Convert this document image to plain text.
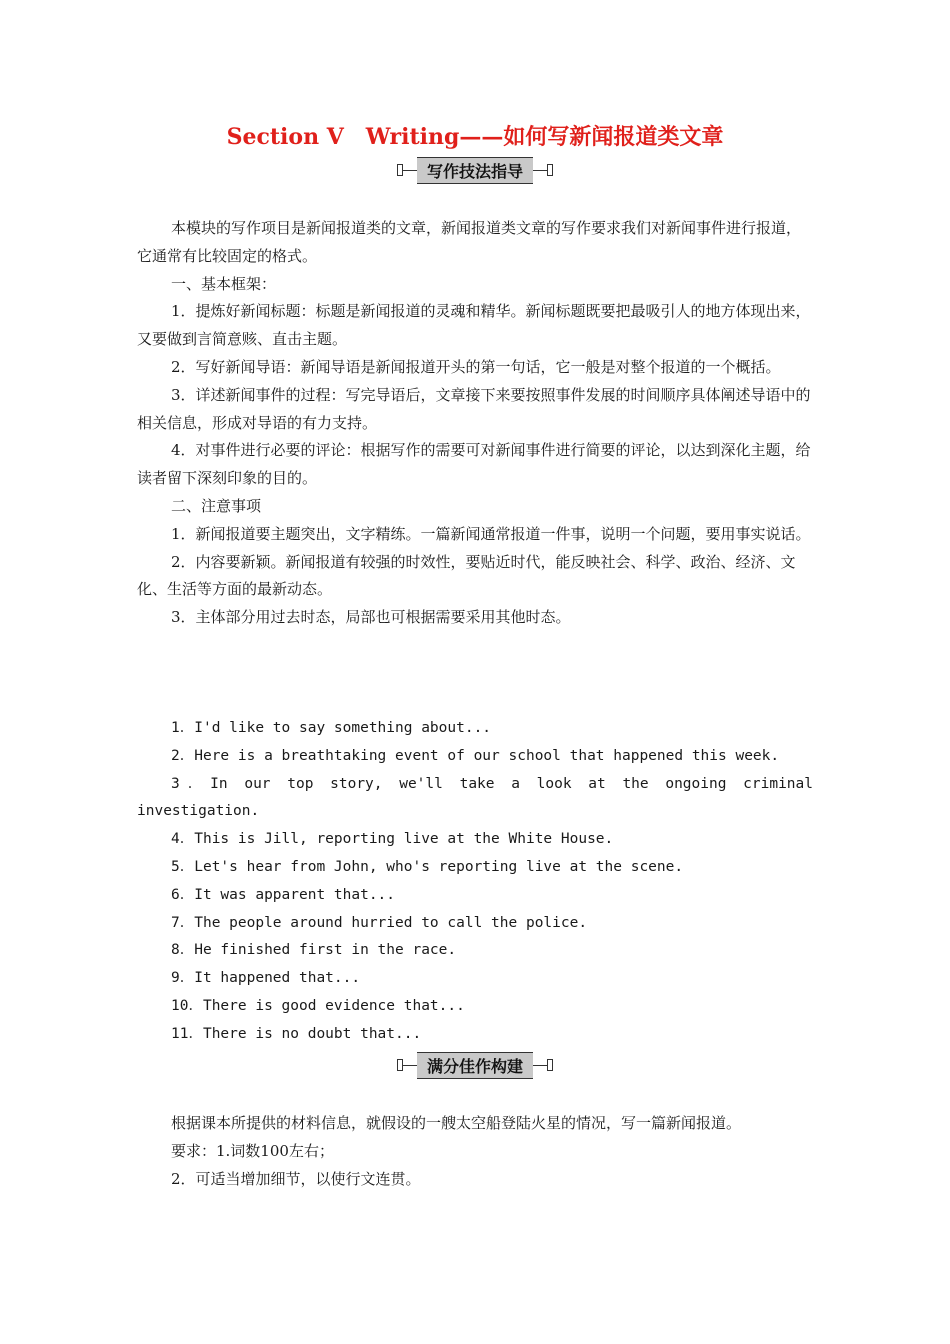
Section Ⅴ　Writing——如何写新闻报道类文章
写作技法指导

本模块的写作项目是新闻报道类的文章，新闻报道类文章的写作要求我们对新闻事件进行报道，它通常有比较固定的格式。

一、基本框架：

1．提炼好新闻标题：标题是新闻报道的灵魂和精华。新闻标题既要把最吸引人的地方体现出来，又要做到言简意赅、直击主题。

2．写好新闻导语：新闻导语是新闻报道开头的第一句话，它一般是对整个报道的一个概括。

3．详述新闻事件的过程：写完导语后，文章接下来要按照事件发展的时间顺序具体阐述导语中的相关信息，形成对导语的有力支持。

4．对事件进行必要的评论：根据写作的需要可对新闻事件进行简要的评论，以达到深化主题，给读者留下深刻印象的目的。

二、注意事项

1．新闻报道要主题突出，文字精练。一篇新闻通常报道一件事，说明一个问题，要用事实说话。

2．内容要新颖。新闻报道有较强的时效性，要贴近时代，能反映社会、科学、政治、经济、文化、生活等方面的最新动态。

3．主体部分用过去时态，局部也可根据需要采用其他时态。

1．I'd like to say something about...

2．Here is a breathtaking event of our school that happened this week.

3．In our top story, we'll take a look at the ongoing criminal investigation.

4．This is Jill, reporting live at the White House.

5．Let's hear from John, who's reporting live at the scene.

6．It was apparent that...

7．The people around hurried to call the police.

8．He finished first in the race.

9．It happened that...

10．There is good evidence that...

11．There is no doubt that...

满分佳作构建

根据课本所提供的材料信息，就假设的一艘太空船登陆火星的情况，写一篇新闻报道。

要求：1.词数100左右；

2．可适当增加细节，以使行文连贯。
